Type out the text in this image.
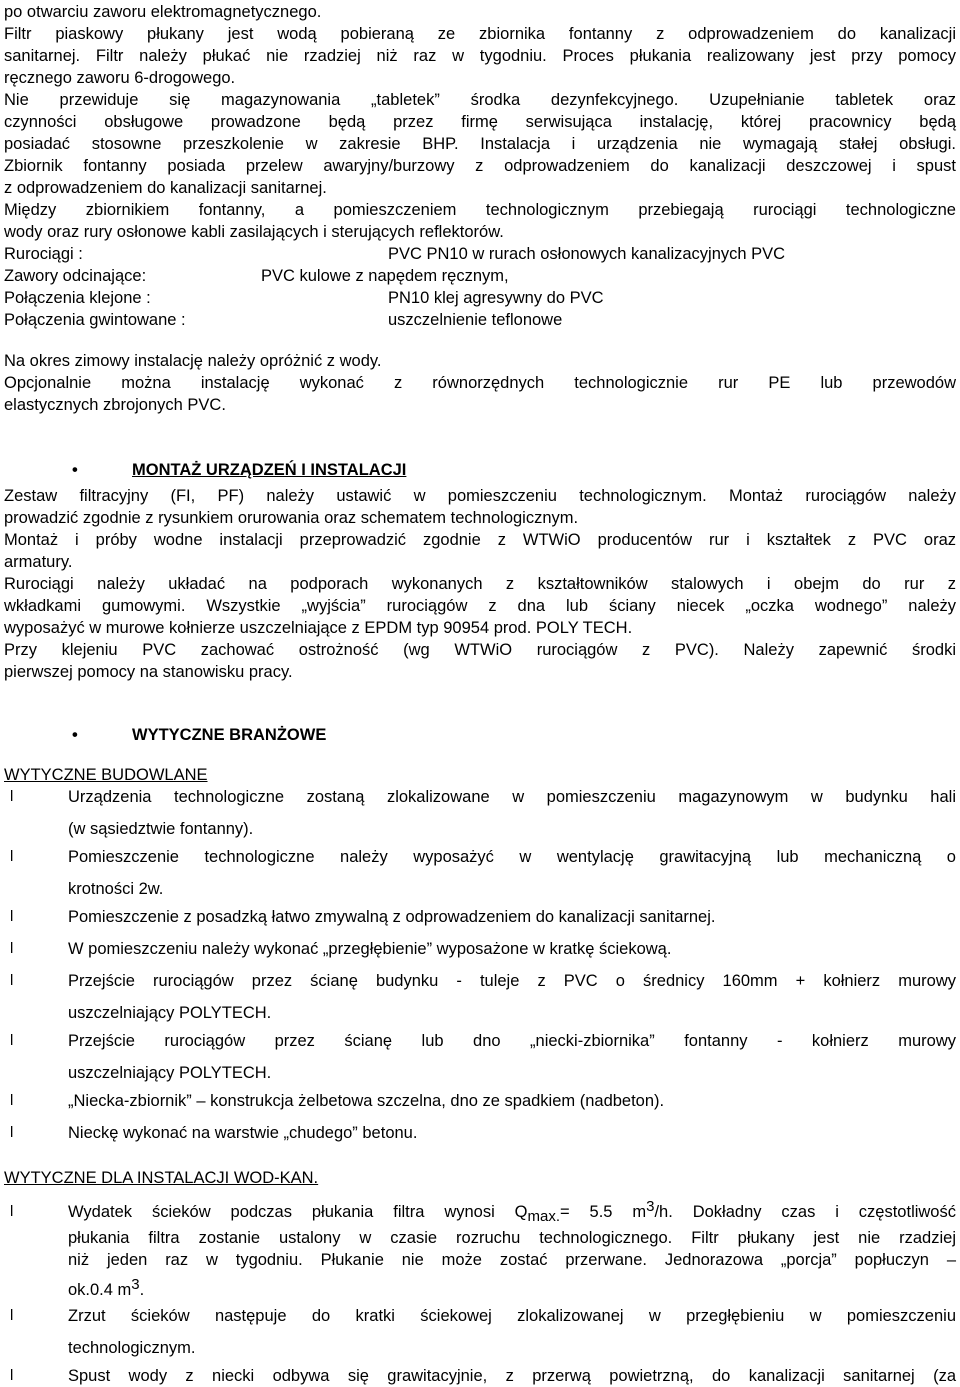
po otwarciu zaworu elektromagnetycznego.

Filtr piaskowy płukany jest wodą pobieraną ze zbiornika fontanny z odprowadzeniem do kanalizacji

sanitarnej. Filtr należy płukać nie rzadziej niż raz w tygodniu. Proces płukania realizowany jest przy pomocy

ręcznego zaworu 6-drogowego.

Nie przewiduje się magazynowania „tabletek” środka dezynfekcyjnego. Uzupełnianie tabletek oraz

czynności obsługowe prowadzone będą przez firmę serwisująca instalację, której pracownicy będą

posiadać stosowne przeszkolenie w zakresie BHP. Instalacja i urządzenia nie wymagają stałej obsługi.

Zbiornik fontanny posiada przelew awaryjny/burzowy z odprowadzeniem do kanalizacji deszczowej i spust

z odprowadzeniem do kanalizacji sanitarnej.

Między zbiornikiem fontanny, a pomieszczeniem technologicznym przebiegają rurociągi technologiczne

wody oraz rury osłonowe kabli zasilających i sterujących reflektorów.

Rurociągi :	PVC PN10 w rurach osłonowych kanalizacyjnych PVC
Zawory odcinające:	PVC kulowe z napędem ręcznym,
Połączenia klejone :	PN10 klej agresywny do PVC
Połączenia gwintowane :	uszczelnienie teflonowe

Na okres zimowy instalację należy opróżnić z wody.

Opcjonalnie można instalację wykonać z równorzędnych technologicznie rur PE lub przewodów

elastycznych zbrojonych PVC.

•	MONTAŻ URZĄDZEŃ I INSTALACJI

Zestaw filtracyjny (FI, PF) należy ustawić w pomieszczeniu technologicznym. Montaż rurociągów należy

prowadzić zgodnie z rysunkiem orurowania oraz schematem technologicznym.

Montaż i próby wodne instalacji przeprowadzić zgodnie z WTWiO producentów rur i kształtek z PVC oraz

armatury.

Rurociągi należy układać na podporach wykonanych z kształtowników stalowych i obejm do rur z

wkładkami gumowymi. Wszystkie „wyjścia” rurociągów z dna lub ściany niecek „oczka wodnego” należy

wyposażyć w murowe kołnierze uszczelniające z EPDM typ 90954 prod. POLY TECH.

Przy klejeniu PVC zachować ostrożność (wg WTWiO rurociągów z PVC). Należy zapewnić środki

pierwszej pomocy na stanowisku pracy.

•	WYTYCZNE BRANŻOWE

WYTYCZNE BUDOWLANE

l	Urządzenia technologiczne zostaną zlokalizowane w pomieszczeniu magazynowym w budynku hali

(w sąsiedztwie fontanny).

l	Pomieszczenie technologiczne należy wyposażyć w wentylację grawitacyjną lub mechaniczną o

krotności 2w.

l	Pomieszczenie z posadzką łatwo zmywalną z odprowadzeniem do kanalizacji sanitarnej.

l	W pomieszczeniu należy wykonać „przegłębienie” wyposażone w kratkę ściekową.

l	Przejście rurociągów przez ścianę budynku - tuleje z PVC o średnicy 160mm + kołnierz murowy

uszczelniający POLYTECH.

l	Przejście rurociągów przez ścianę lub dno „niecki-zbiornika” fontanny - kołnierz murowy

uszczelniający POLYTECH.

l	„Niecka-zbiornik” – konstrukcja żelbetowa szczelna, dno ze spadkiem (nadbeton).

l	Nieckę wykonać na warstwie „chudego” betonu.

WYTYCZNE DLA INSTALACJI WOD-KAN.

l	Wydatek ścieków podczas płukania filtra wynosi $Q_{max.}= 5.5$ $m^3/h$. Dokładny czas i częstotliwość

płukania filtra zostanie ustalony w czasie rozruchu technologicznego. Filtr płukany jest nie rzadziej

niż jeden raz w tygodniu. Płukanie nie może zostać przerwane. Jednorazowa „porcja” popłuczyn –

ok.0.4 $m^3$.

l	Zrzut ścieków następuje do kratki ściekowej zlokalizowanej w przegłębieniu w pomieszczeniu

technologicznym.

l	Spust wody z niecki odbywa się grawitacyjnie, z przerwą powietrzną, do kanalizacji sanitarnej (za
